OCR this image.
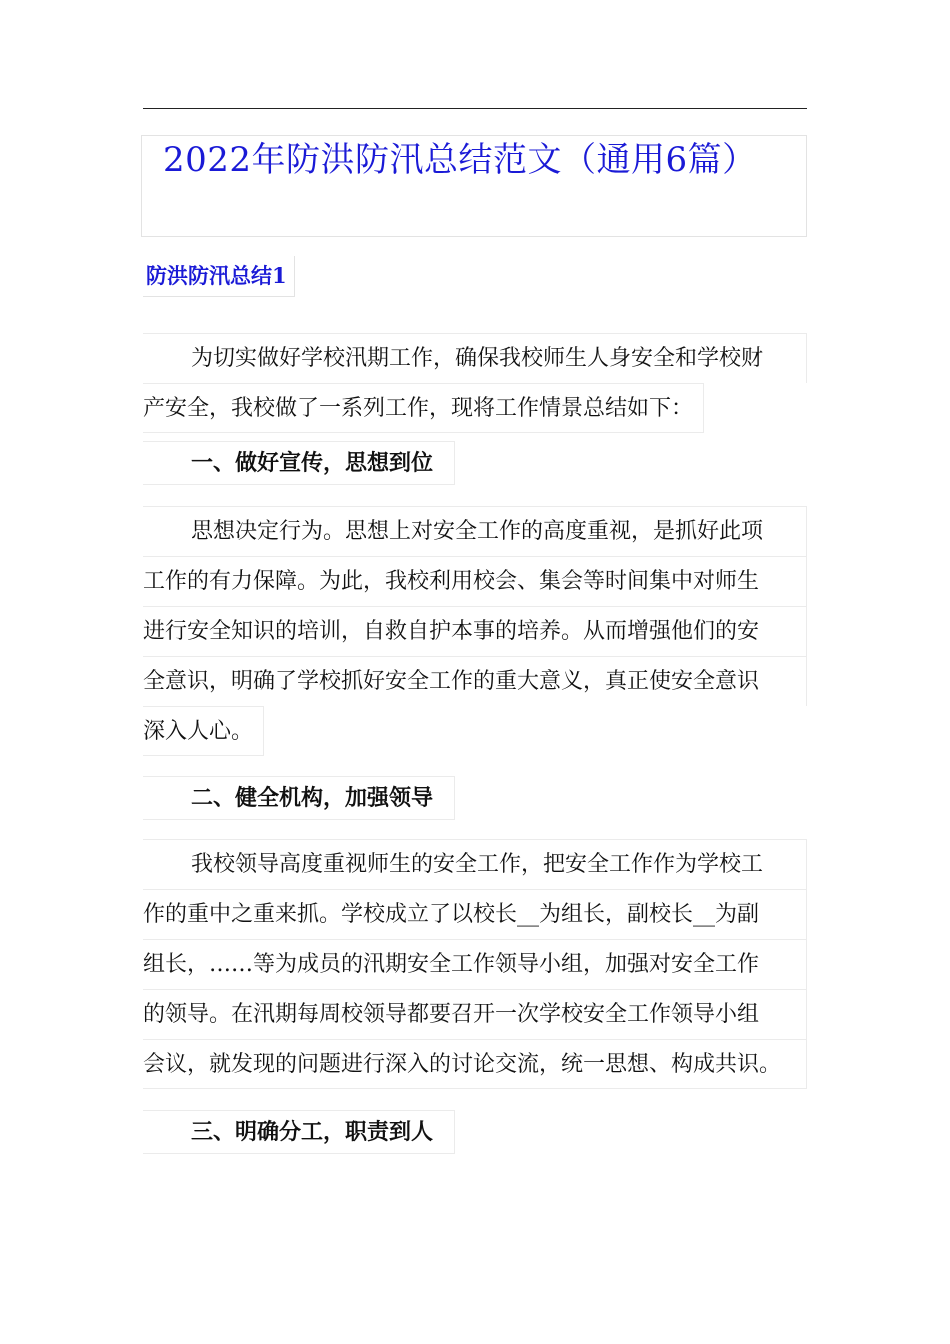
2022年防洪防汛总结范文（通用6篇）
防洪防汛总结1
为切实做好学校汛期工作，确保我校师生人身安全和学校财
产安全，我校做了一系列工作，现将工作情景总结如下：
一、做好宣传，思想到位
思想决定行为。思想上对安全工作的高度重视，是抓好此项
工作的有力保障。为此，我校利用校会、集会等时间集中对师生
进行安全知识的培训，自救自护本事的培养。从而增强他们的安
全意识，明确了学校抓好安全工作的重大意义，真正使安全意识
深入人心。
二、健全机构，加强领导
我校领导高度重视师生的安全工作，把安全工作作为学校工
作的重中之重来抓。学校成立了以校长__为组长，副校长__为副
组长，……等为成员的汛期安全工作领导小组，加强对安全工作
的领导。在汛期每周校领导都要召开一次学校安全工作领导小组
会议，就发现的问题进行深入的讨论交流，统一思想、构成共识。
三、明确分工，职责到人
